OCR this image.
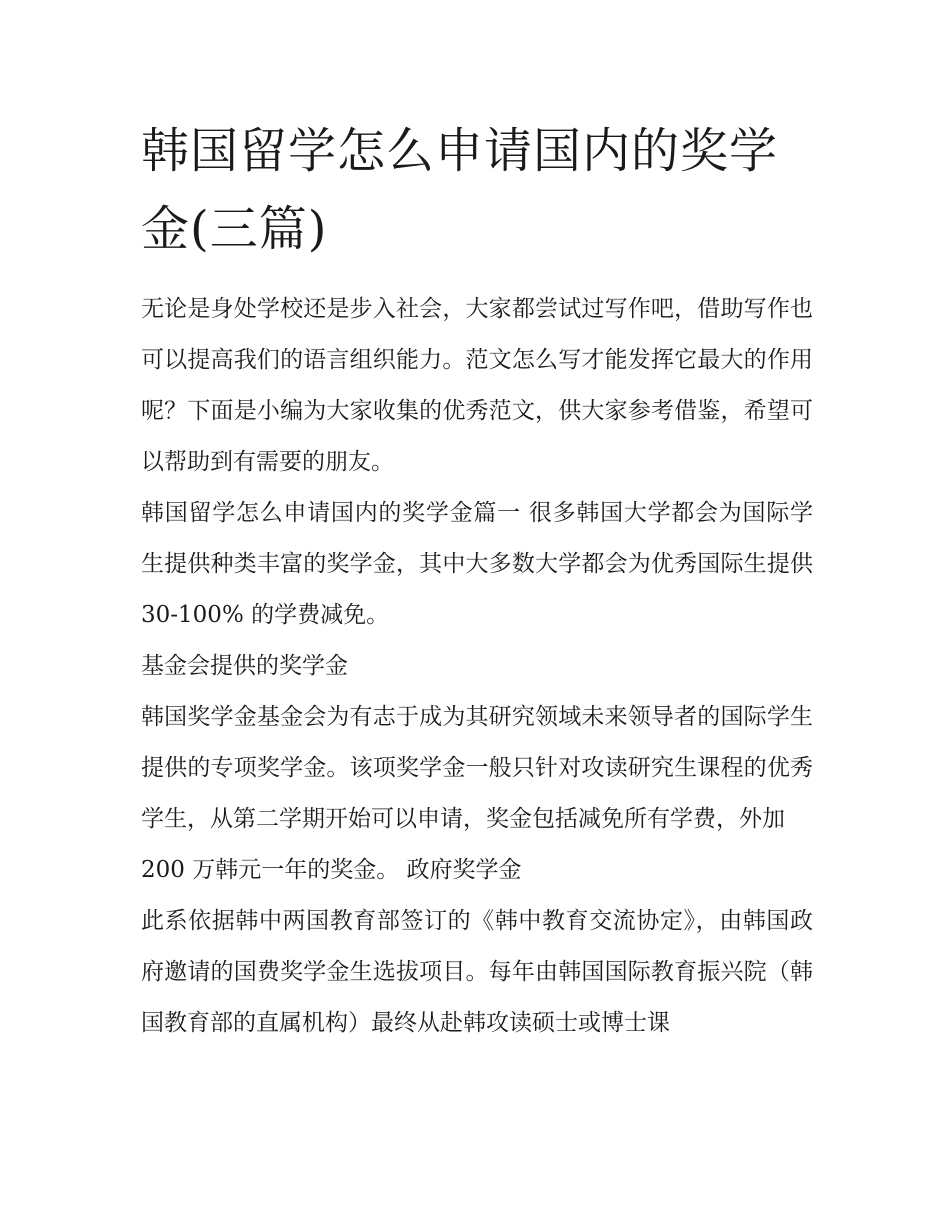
韩国留学怎么申请国内的奖学金(三篇)

无论是身处学校还是步入社会，大家都尝试过写作吧，借助写作也可以提高我们的语言组织能力。范文怎么写才能发挥它最大的作用呢？下面是小编为大家收集的优秀范文，供大家参考借鉴，希望可以帮助到有需要的朋友。

韩国留学怎么申请国内的奖学金篇一 很多韩国大学都会为国际学生提供种类丰富的奖学金，其中大多数大学都会为优秀国际生提供 30-100% 的学费减免。

基金会提供的奖学金

韩国奖学金基金会为有志于成为其研究领域未来领导者的国际学生提供的专项奖学金。该项奖学金一般只针对攻读研究生课程的优秀学生，从第二学期开始可以申请，奖金包括减免所有学费，外加

200 万韩元一年的奖金。 政府奖学金

此系依据韩中两国教育部签订的《韩中教育交流协定》，由韩国政府邀请的国费奖学金生选拔项目。每年由韩国国际教育振兴院（韩国教育部的直属机构）最终从赴韩攻读硕士或博士课
